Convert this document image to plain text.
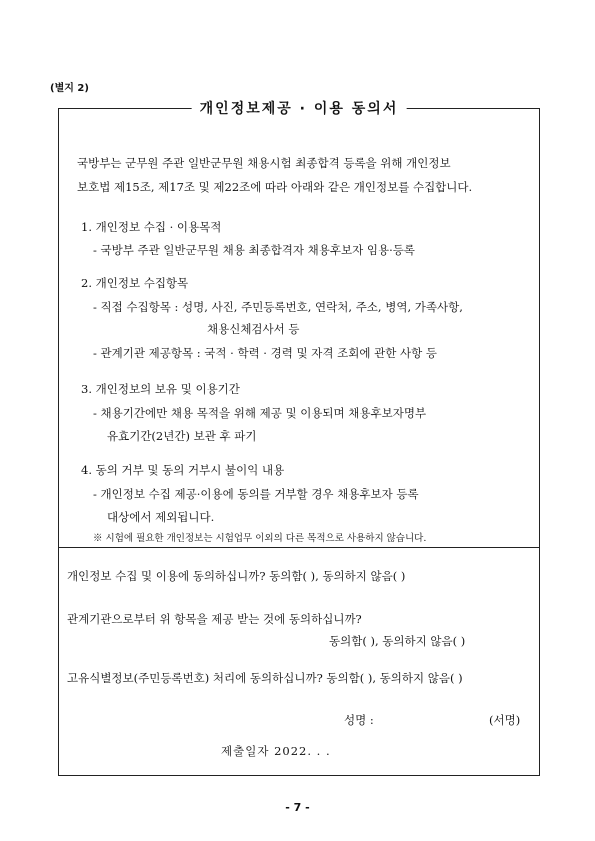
(별지 2)
개인정보제공 · 이용 동의서
국방부는 군무원 주관 일반군무원 채용시험 최종합격 등록을 위해 개인정보
보호법 제15조, 제17조 및 제22조에 따라 아래와 같은 개인정보를 수집합니다.
1. 개인정보 수집 · 이용목적
- 국방부 주관 일반군무원 채용 최종합격자 채용후보자 임용·등록
2. 개인정보 수집항목
- 직접 수집항목 : 성명, 사진, 주민등록번호, 연락처, 주소, 병역, 가족사항,
채용신체검사서 등
- 관계기관 제공항목 : 국적 · 학력 · 경력 및 자격 조회에 관한 사항 등
3. 개인정보의 보유 및 이용기간
- 채용기간에만 채용 목적을 위해 제공 및 이용되며 채용후보자명부
유효기간(2년간) 보관 후 파기
4. 동의 거부 및 동의 거부시 불이익 내용
- 개인정보 수집 제공·이용에 동의를 거부할 경우 채용후보자 등록
대상에서 제외됩니다.
※ 시험에 필요한 개인정보는 시험업무 이외의 다른 목적으로 사용하지 않습니다.
개인정보 수집 및 이용에 동의하십니까? 동의함( ), 동의하지 않음( )
관계기관으로부터 위 항목을 제공 받는 것에 동의하십니까?
동의함( ), 동의하지 않음( )
고유식별정보(주민등록번호) 처리에 동의하십니까? 동의함( ), 동의하지 않음( )
성명 :	(서명)
제출일자 2022. . .
- 7 -
